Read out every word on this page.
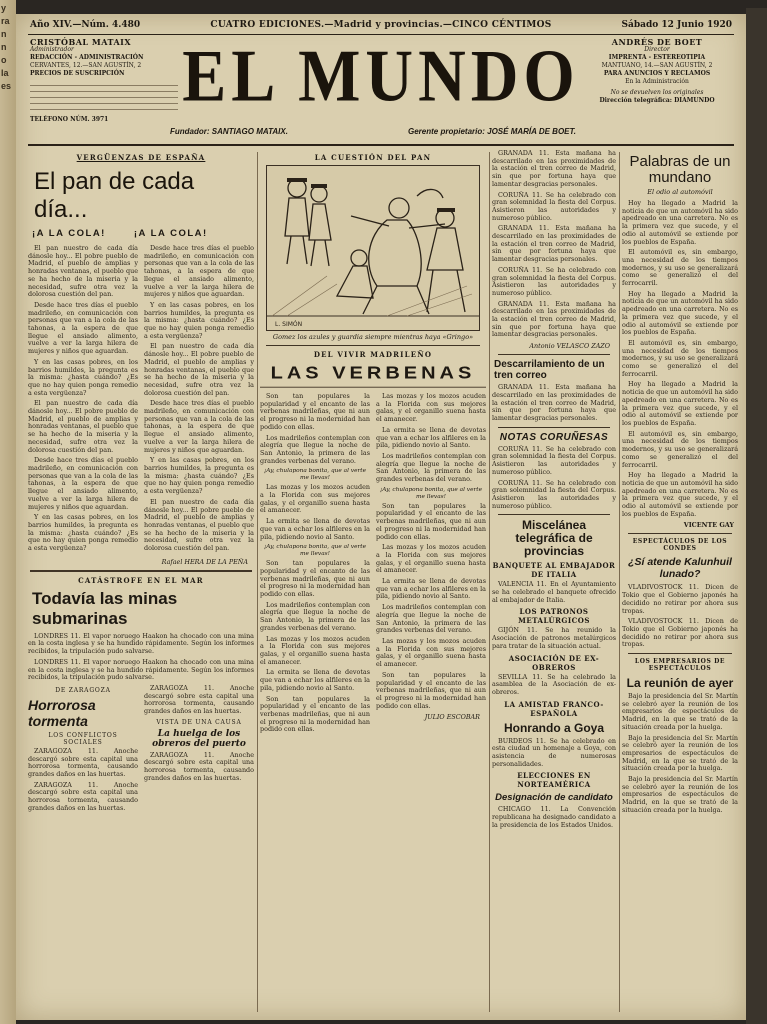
y
ra
n
n
o
la
es
Año XIV.—Núm. 4.480	CUATRO EDICIONES.—Madrid y provincias.—CINCO CÉNTIMOS	Sábado 12 Junio 1920
CRISTÓBAL MATAIX
Administrador
REDACCIÓN - ADMINISTRACIÓN
CERVANTES, 12.—SAN AGUSTÍN, 2
PRECIOS DE SUSCRIPCIÓN
TELÉFONO NÚM. 3971
EL MUNDO	ANDRÉS DE BOET
Director
IMPRENTA - ESTEREOTIPIA
MANTUANO, 14.—SAN AGUSTÍN, 2
PARA ANUNCIOS Y RECLAMOS
En la Administración
No se devuelven los originales
Dirección telegráfica: DIAMUNDO
Fundador: SANTIAGO MATAIX.	Gerente propietario: JOSÉ MARÍA DE BOET.
VERGÜENZAS DE ESPAÑA
El pan de cada día...
¡A LA COLA!	¡A LA COLA!

El pan nuestro de cada día dánosle hoy... El pobre pueblo de Madrid, el pueblo de amplias y honradas ventanas, el pueblo que se ha hecho de la miseria y la necesidad, sufre otra vez la dolorosa cuestión del pan.

Desde hace tres días el pueblo madrileño, en comunicación con personas que van a la cola de las tahonas, a la espera de que llegue el ansiado alimento, vuelve a ver la larga hilera de mujeres y niños que aguardan.

Y en las casas pobres, en los barrios humildes, la pregunta es la misma: ¿hasta cuándo? ¿Es que no hay quien ponga remedio a esta vergüenza?

El pan nuestro de cada día dánosle hoy... El pobre pueblo de Madrid, el pueblo de amplias y honradas ventanas, el pueblo que se ha hecho de la miseria y la necesidad, sufre otra vez la dolorosa cuestión del pan.

Desde hace tres días el pueblo madrileño, en comunicación con personas que van a la cola de las tahonas, a la espera de que llegue el ansiado alimento, vuelve a ver la larga hilera de mujeres y niños que aguardan.

Y en las casas pobres, en los barrios humildes, la pregunta es la misma: ¿hasta cuándo? ¿Es que no hay quien ponga remedio a esta vergüenza?

Desde hace tres días el pueblo madrileño, en comunicación con personas que van a la cola de las tahonas, a la espera de que llegue el ansiado alimento, vuelve a ver la larga hilera de mujeres y niños que aguardan.

Y en las casas pobres, en los barrios humildes, la pregunta es la misma: ¿hasta cuándo? ¿Es que no hay quien ponga remedio a esta vergüenza?

El pan nuestro de cada día dánosle hoy... El pobre pueblo de Madrid, el pueblo de amplias y honradas ventanas, el pueblo que se ha hecho de la miseria y la necesidad, sufre otra vez la dolorosa cuestión del pan.

Desde hace tres días el pueblo madrileño, en comunicación con personas que van a la cola de las tahonas, a la espera de que llegue el ansiado alimento, vuelve a ver la larga hilera de mujeres y niños que aguardan.

Y en las casas pobres, en los barrios humildes, la pregunta es la misma: ¿hasta cuándo? ¿Es que no hay quien ponga remedio a esta vergüenza?

El pan nuestro de cada día dánosle hoy... El pobre pueblo de Madrid, el pueblo de amplias y honradas ventanas, el pueblo que se ha hecho de la miseria y la necesidad, sufre otra vez la dolorosa cuestión del pan.

Rafael HERA DE LA PEÑA
CATÁSTROFE EN EL MAR
Todavía las minas submarinas

LONDRES 11. El vapor noruego Haakon ha chocado con una mina en la costa inglesa y se ha hundido rápidamente. Según los informes recibidos, la tripulación pudo salvarse.

LONDRES 11. El vapor noruego Haakon ha chocado con una mina en la costa inglesa y se ha hundido rápidamente. Según los informes recibidos, la tripulación pudo salvarse.

DE ZARAGOZA
Horrorosa tormenta
LOS CONFLICTOS SOCIALES

ZARAGOZA 11. Anoche descargó sobre esta capital una horrorosa tormenta, causando grandes daños en las huertas.

ZARAGOZA 11. Anoche descargó sobre esta capital una horrorosa tormenta, causando grandes daños en las huertas.

ZARAGOZA 11. Anoche descargó sobre esta capital una horrorosa tormenta, causando grandes daños en las huertas.

VISTA DE UNA CAUSA
La huelga de los obreros del puerto

ZARAGOZA 11. Anoche descargó sobre esta capital una horrorosa tormenta, causando grandes daños en las huertas.

LA CUESTIÓN DEL PAN
L. SIMÓN
Gomez los azules y guardia siempre mientras haya «Gringo»
DEL VIVIR MADRILEÑO
LAS VERBENAS

Son tan populares la popularidad y el encanto de las verbenas madrileñas, que ni aun el progreso ni la modernidad han podido con ellas.

Los madrileños contemplan con alegría que llegue la noche de San Antonio, la primera de las grandes verbenas del verano.

¡Ay, chulapona bonita, que al verte me llevas!

Las mozas y los mozos acuden a la Florida con sus mejores galas, y el organillo suena hasta el amanecer.

La ermita se llena de devotas que van a echar los alfileres en la pila, pidiendo novio al Santo.

¡Ay, chulapona bonita, que al verte me llevas!

Son tan populares la popularidad y el encanto de las verbenas madrileñas, que ni aun el progreso ni la modernidad han podido con ellas.

Los madrileños contemplan con alegría que llegue la noche de San Antonio, la primera de las grandes verbenas del verano.

Las mozas y los mozos acuden a la Florida con sus mejores galas, y el organillo suena hasta el amanecer.

La ermita se llena de devotas que van a echar los alfileres en la pila, pidiendo novio al Santo.

Son tan populares la popularidad y el encanto de las verbenas madrileñas, que ni aun el progreso ni la modernidad han podido con ellas.

Las mozas y los mozos acuden a la Florida con sus mejores galas, y el organillo suena hasta el amanecer.

La ermita se llena de devotas que van a echar los alfileres en la pila, pidiendo novio al Santo.

Los madrileños contemplan con alegría que llegue la noche de San Antonio, la primera de las grandes verbenas del verano.

¡Ay, chulapona bonita, que al verte me llevas!

Son tan populares la popularidad y el encanto de las verbenas madrileñas, que ni aun el progreso ni la modernidad han podido con ellas.

Las mozas y los mozos acuden a la Florida con sus mejores galas, y el organillo suena hasta el amanecer.

La ermita se llena de devotas que van a echar los alfileres en la pila, pidiendo novio al Santo.

Los madrileños contemplan con alegría que llegue la noche de San Antonio, la primera de las grandes verbenas del verano.

Las mozas y los mozos acuden a la Florida con sus mejores galas, y el organillo suena hasta el amanecer.

Son tan populares la popularidad y el encanto de las verbenas madrileñas, que ni aun el progreso ni la modernidad han podido con ellas.

JULIO ESCOBAR

GRANADA 11. Esta mañana ha descarrilado en las proximidades de la estación el tren correo de Madrid, sin que por fortuna haya que lamentar desgracias personales.

CORUÑA 11. Se ha celebrado con gran solemnidad la fiesta del Corpus. Asistieron las autoridades y numeroso público.

GRANADA 11. Esta mañana ha descarrilado en las proximidades de la estación el tren correo de Madrid, sin que por fortuna haya que lamentar desgracias personales.

CORUÑA 11. Se ha celebrado con gran solemnidad la fiesta del Corpus. Asistieron las autoridades y numeroso público.

GRANADA 11. Esta mañana ha descarrilado en las proximidades de la estación el tren correo de Madrid, sin que por fortuna haya que lamentar desgracias personales.

Antonio VELASCO ZAZO
Descarrilamiento de un tren correo

GRANADA 11. Esta mañana ha descarrilado en las proximidades de la estación el tren correo de Madrid, sin que por fortuna haya que lamentar desgracias personales.

NOTAS CORUÑESAS

CORUÑA 11. Se ha celebrado con gran solemnidad la fiesta del Corpus. Asistieron las autoridades y numeroso público.

CORUÑA 11. Se ha celebrado con gran solemnidad la fiesta del Corpus. Asistieron las autoridades y numeroso público.

Miscelánea telegráfica de provincias
BANQUETE AL EMBAJADOR DE ITALIA

VALENCIA 11. En el Ayuntamiento se ha celebrado el banquete ofrecido al embajador de Italia.

LOS PATRONOS METALÚRGICOS

GIJÓN 11. Se ha reunido la Asociación de patronos metalúrgicos para tratar de la situación actual.

ASOCIACIÓN DE EX-OBREROS

SEVILLA 11. Se ha celebrado la asamblea de la Asociación de ex-obreros.

LA AMISTAD FRANCO-ESPAÑOLA
Honrando a Goya

BURDEOS 11. Se ha celebrado en esta ciudad un homenaje a Goya, con asistencia de numerosas personalidades.

ELECCIONES EN NORTEAMÉRICA
Designación de candidato

CHICAGO 11. La Convención republicana ha designado candidato a la presidencia de los Estados Unidos.

Palabras de un mundano
El odio al automóvil

Hoy ha llegado a Madrid la noticia de que un automóvil ha sido apedreado en una carretera. No es la primera vez que sucede, y el odio al automóvil se extiende por los pueblos de España.

El automóvil es, sin embargo, una necesidad de los tiempos modernos, y su uso se generalizará como se generalizó el del ferrocarril.

Hoy ha llegado a Madrid la noticia de que un automóvil ha sido apedreado en una carretera. No es la primera vez que sucede, y el odio al automóvil se extiende por los pueblos de España.

El automóvil es, sin embargo, una necesidad de los tiempos modernos, y su uso se generalizará como se generalizó el del ferrocarril.

Hoy ha llegado a Madrid la noticia de que un automóvil ha sido apedreado en una carretera. No es la primera vez que sucede, y el odio al automóvil se extiende por los pueblos de España.

El automóvil es, sin embargo, una necesidad de los tiempos modernos, y su uso se generalizará como se generalizó el del ferrocarril.

Hoy ha llegado a Madrid la noticia de que un automóvil ha sido apedreado en una carretera. No es la primera vez que sucede, y el odio al automóvil se extiende por los pueblos de España.

VICENTE GAY
ESPECTÁCULOS DE LOS CONDES
¿Sí atende Kalunhuil lunado?

VLADIVOSTOCK 11. Dicen de Tokio que el Gobierno japonés ha decidido no retirar por ahora sus tropas.

VLADIVOSTOCK 11. Dicen de Tokio que el Gobierno japonés ha decidido no retirar por ahora sus tropas.

LOS EMPRESARIOS DE ESPECTÁCULOS
La reunión de ayer

Bajo la presidencia del Sr. Martín se celebró ayer la reunión de los empresarios de espectáculos de Madrid, en la que se trató de la situación creada por la huelga.

Bajo la presidencia del Sr. Martín se celebró ayer la reunión de los empresarios de espectáculos de Madrid, en la que se trató de la situación creada por la huelga.

Bajo la presidencia del Sr. Martín se celebró ayer la reunión de los empresarios de espectáculos de Madrid, en la que se trató de la situación creada por la huelga.
